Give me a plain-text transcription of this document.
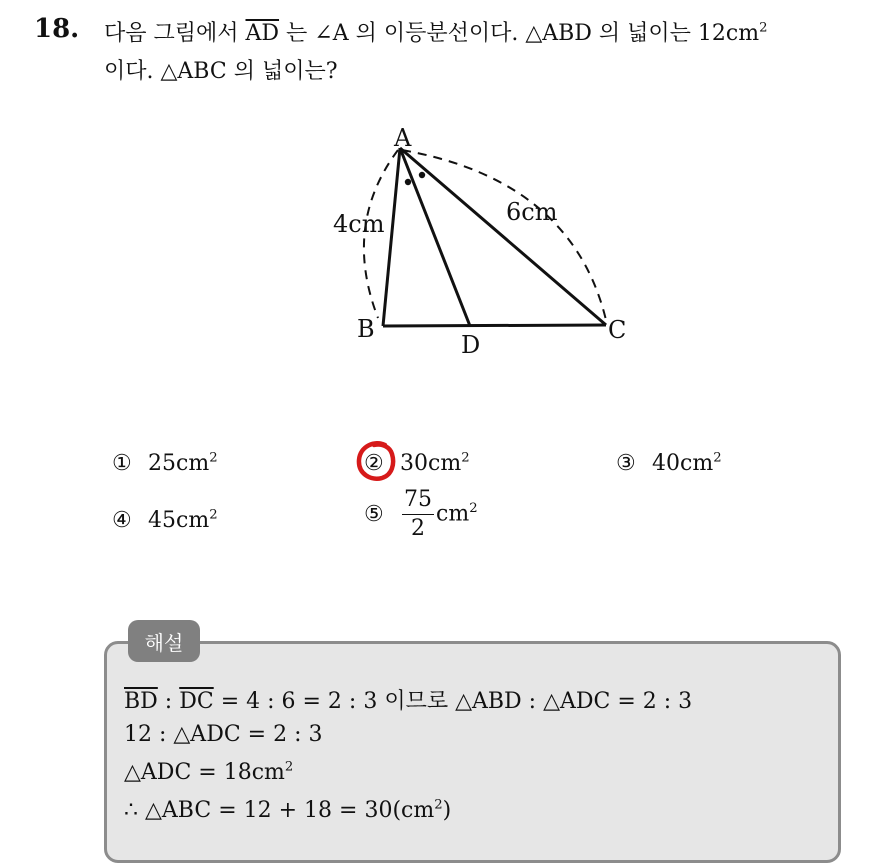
18. 다음 그림에서 $\overline{AD}$ 는 ∠A 의 이등분선이다. △ABD 의 넓이는 $12cm^2$
이다. △ABC 의 넓이는?
A
B	C
D
4cm	6cm
① $25cm^2$	② $30cm^2$	③ $40cm^2$
④ $45cm^2$	⑤ $\frac{75}{2} cm^2$
해설
$\overline{BD}$ : $\overline{DC} = 4$ : 6 = 2 : 3 이므로 △ABD : △ADC = 2 : 3
12 : △ADC = 2 : 3
△ADC = $18cm^2$
∴ △ABC = $12 + 18 = 30(cm^2)$
